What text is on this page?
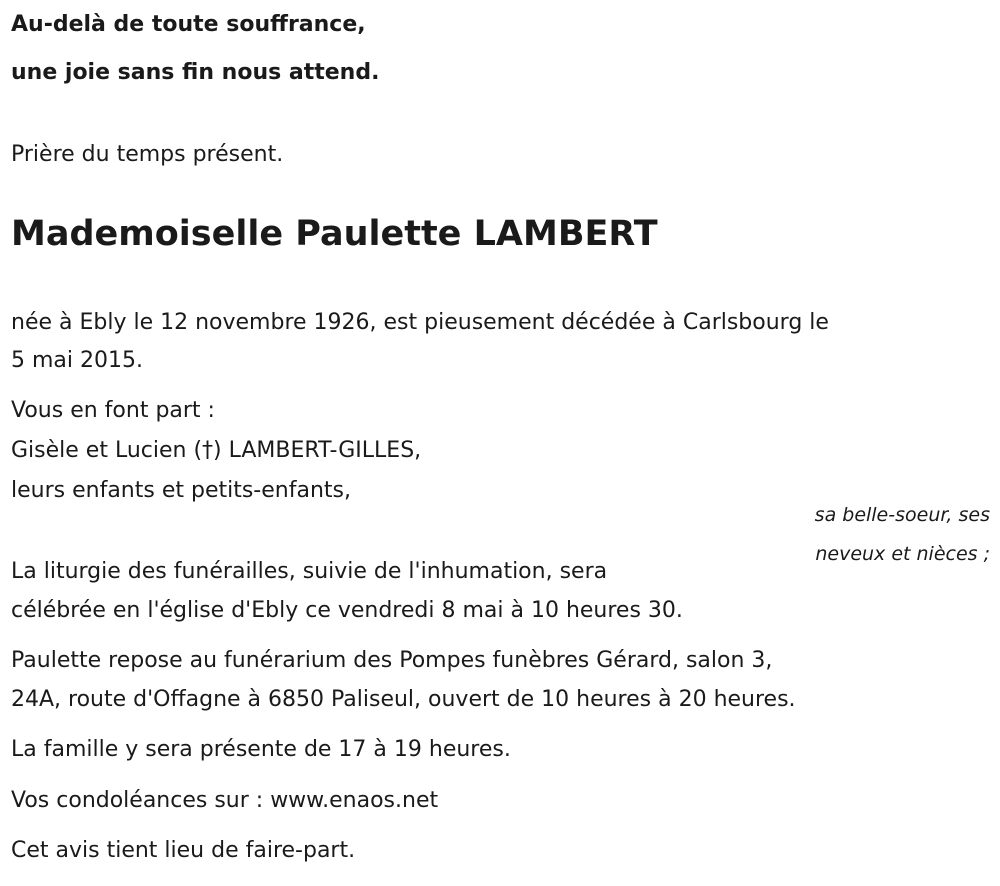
Au-delà de toute souffrance,
une joie sans fin nous attend.
Prière du temps présent.
Mademoiselle Paulette LAMBERT
née à Ebly le 12 novembre 1926, est pieusement décédée à Carlsbourg le
5 mai 2015.
Vous en font part :
Gisèle et Lucien (†) LAMBERT-GILLES,
leurs enfants et petits-enfants,
sa belle-soeur, ses
neveux et nièces ;
La liturgie des funérailles, suivie de l'inhumation, sera
célébrée en l'église d'Ebly ce vendredi 8 mai à 10 heures 30.
Paulette repose au funérarium des Pompes funèbres Gérard, salon 3,
24A, route d'Offagne à 6850 Paliseul, ouvert de 10 heures à 20 heures.
La famille y sera présente de 17 à 19 heures.
Vos condoléances sur : www.enaos.net
Cet avis tient lieu de faire-part.
